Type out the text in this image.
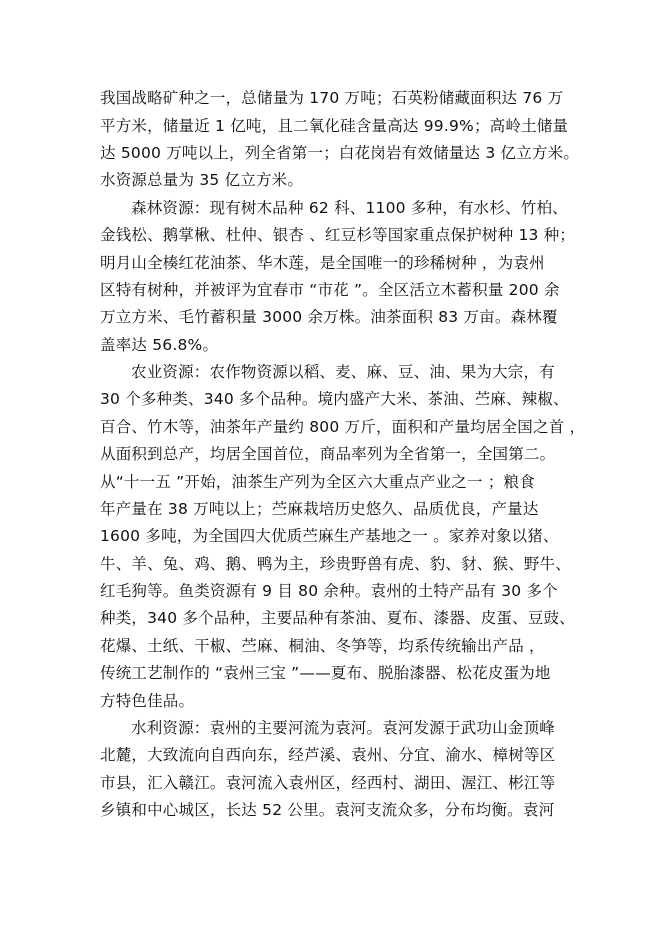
我国战略矿种之一，总储量为 170 万吨；石英粉储藏面积达 76 万
平方米，储量近 1 亿吨，且二氧化硅含量高达 99.9%；高岭土储量
达 5000 万吨以上，列全省第一；白花岗岩有效储量达 3 亿立方米。
水资源总量为 35 亿立方米。
森林资源：现有树木品种 62 科、1100 多种，有水杉、竹柏、
金钱松、鹅掌楸、杜仲、银杏 、红豆杉等国家重点保护树种 13 种；
明月山全楱红花油茶、华木莲，是全国唯一的珍稀树种 ，为袁州
区特有树种，并被评为宜春市 “市花 ”。全区活立木蓄积量 200 余
万立方米、毛竹蓄积量 3000 余万株。油茶面积 83 万亩。森林覆
盖率达 56.8%。
农业资源：农作物资源以稻、麦、麻、豆、油、果为大宗，有
30 个多种类、340 多个品种。境内盛产大米、茶油、苎麻、辣椒、
百合、竹木等，油茶年产量约 800 万斤，面积和产量均居全国之首 ，
从面积到总产，均居全国首位，商品率列为全省第一，全国第二。
从“十一五 ”开始，油茶生产列为全区六大重点产业之一 ；粮食
年产量在 38 万吨以上；苎麻栽培历史悠久、品质优良，产量达
1600 多吨，为全国四大优质苎麻生产基地之一 。家养对象以猪、
牛、羊、兔、鸡、鹅、鸭为主，珍贵野兽有虎、豹、豺、猴、野牛、
红毛狗等。鱼类资源有 9 目 80 余种。袁州的土特产品有 30 多个
种类，340 多个品种，主要品种有茶油、夏布、漆器、皮蛋、豆豉、
花爆、土纸、干椒、苎麻、桐油、冬笋等，均系传统输出产品 ，
传统工艺制作的 “袁州三宝 ”——夏布、脱胎漆器、松花皮蛋为地
方特色佳品。
水利资源：袁州的主要河流为袁河。袁河发源于武功山金顶峰
北麓，大致流向自西向东，经芦溪、袁州、分宜、渝水、樟树等区
市县，汇入赣江。袁河流入袁州区，经西村、湖田、渥江、彬江等
乡镇和中心城区，长达 52 公里。袁河支流众多，分布均衡。袁河
